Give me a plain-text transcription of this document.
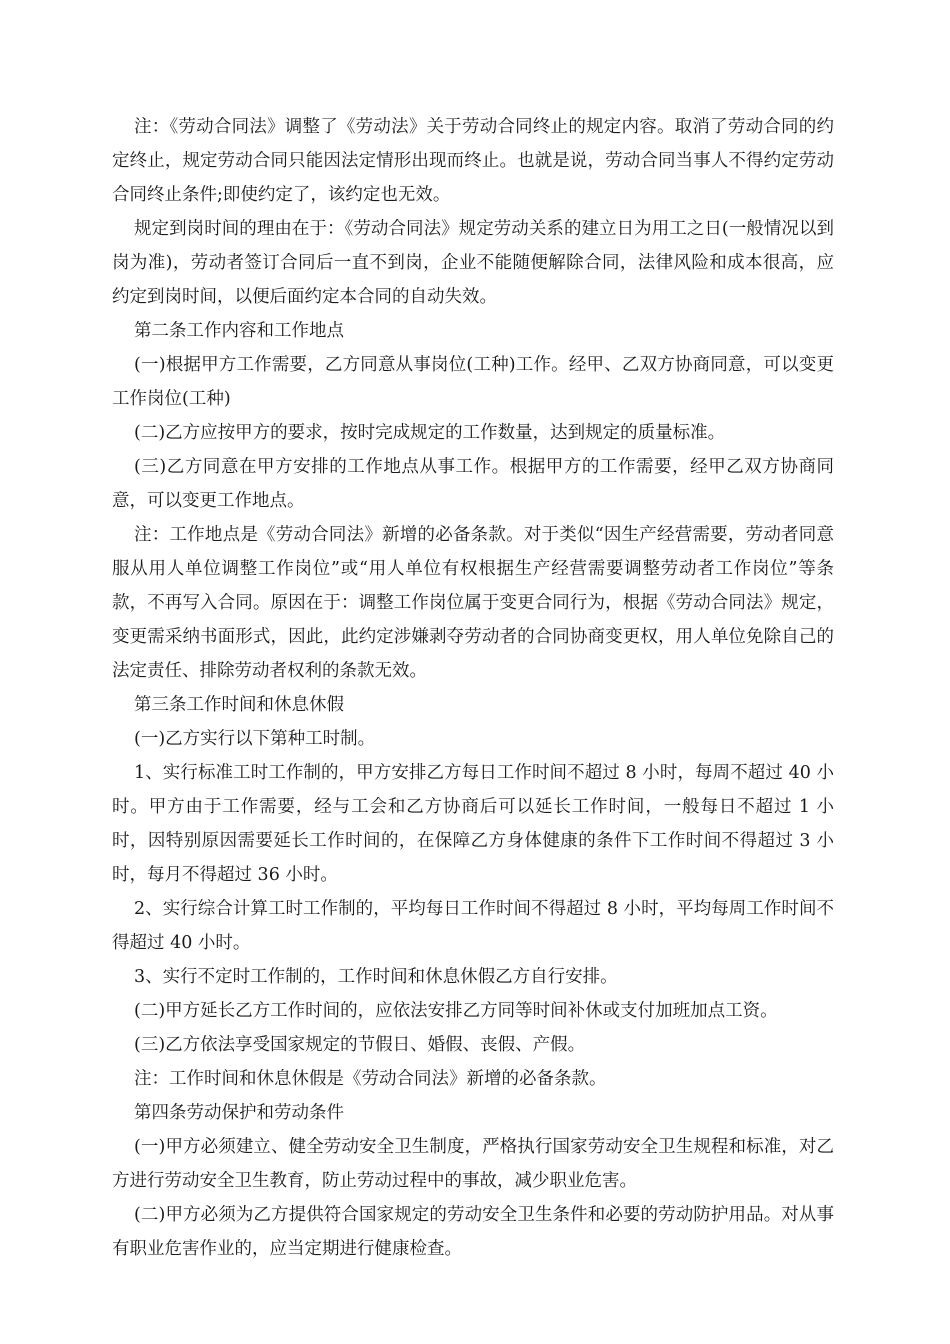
注：《劳动合同法》调整了《劳动法》关于劳动合同终止的规定内容。取消了劳动合同的约定终止，规定劳动合同只能因法定情形出现而终止。也就是说，劳动合同当事人不得约定劳动合同终止条件;即使约定了，该约定也无效。

规定到岗时间的理由在于：《劳动合同法》规定劳动关系的建立日为用工之日(一般情况以到岗为准)，劳动者签订合同后一直不到岗，企业不能随便解除合同，法律风险和成本很高，应约定到岗时间，以便后面约定本合同的自动失效。

第二条工作内容和工作地点

(一)根据甲方工作需要，乙方同意从事岗位(工种)工作。经甲、乙双方协商同意，可以变更工作岗位(工种)

(二)乙方应按甲方的要求，按时完成规定的工作数量，达到规定的质量标准。

(三)乙方同意在甲方安排的工作地点从事工作。根据甲方的工作需要，经甲乙双方协商同意，可以变更工作地点。

注：工作地点是《劳动合同法》新增的必备条款。对于类似“因生产经营需要，劳动者同意服从用人单位调整工作岗位”或“用人单位有权根据生产经营需要调整劳动者工作岗位”等条款，不再写入合同。原因在于：调整工作岗位属于变更合同行为，根据《劳动合同法》规定，变更需采纳书面形式，因此，此约定涉嫌剥夺劳动者的合同协商变更权，用人单位免除自己的法定责任、排除劳动者权利的条款无效。

第三条工作时间和休息休假

(一)乙方实行以下第种工时制。

1、实行标准工时工作制的，甲方安排乙方每日工作时间不超过 8 小时，每周不超过 40 小时。甲方由于工作需要，经与工会和乙方协商后可以延长工作时间，一般每日不超过 1 小时，因特别原因需要延长工作时间的，在保障乙方身体健康的条件下工作时间不得超过 3 小时，每月不得超过 36 小时。

2、实行综合计算工时工作制的，平均每日工作时间不得超过 8 小时，平均每周工作时间不得超过 40 小时。

3、实行不定时工作制的，工作时间和休息休假乙方自行安排。

(二)甲方延长乙方工作时间的，应依法安排乙方同等时间补休或支付加班加点工资。

(三)乙方依法享受国家规定的节假日、婚假、丧假、产假。

注：工作时间和休息休假是《劳动合同法》新增的必备条款。

第四条劳动保护和劳动条件

(一)甲方必须建立、健全劳动安全卫生制度，严格执行国家劳动安全卫生规程和标准，对乙方进行劳动安全卫生教育，防止劳动过程中的事故，减少职业危害。

(二)甲方必须为乙方提供符合国家规定的劳动安全卫生条件和必要的劳动防护用品。对从事有职业危害作业的，应当定期进行健康检查。
